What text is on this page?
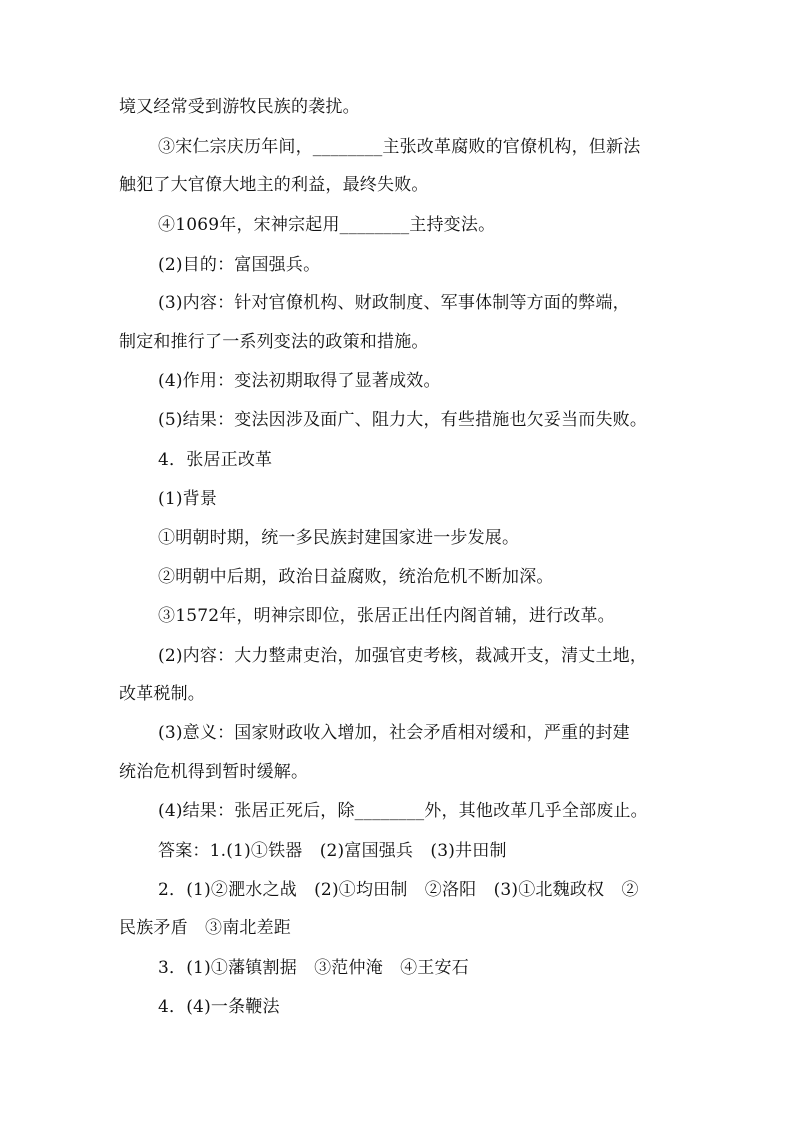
境又经常受到游牧民族的袭扰。
③宋仁宗庆历年间，________主张改革腐败的官僚机构，但新法
触犯了大官僚大地主的利益，最终失败。
④1069年，宋神宗起用________主持变法。
(2)目的：富国强兵。
(3)内容：针对官僚机构、财政制度、军事体制等方面的弊端，
制定和推行了一系列变法的政策和措施。
(4)作用：变法初期取得了显著成效。
(5)结果：变法因涉及面广、阻力大，有些措施也欠妥当而失败。
4．张居正改革
(1)背景
①明朝时期，统一多民族封建国家进一步发展。
②明朝中后期，政治日益腐败，统治危机不断加深。
③1572年，明神宗即位，张居正出任内阁首辅，进行改革。
(2)内容：大力整肃吏治，加强官吏考核，裁减开支，清丈土地，
改革税制。
(3)意义：国家财政收入增加，社会矛盾相对缓和，严重的封建
统治危机得到暂时缓解。
(4)结果：张居正死后，除________外，其他改革几乎全部废止。
答案：1.(1)①铁器　(2)富国强兵　(3)井田制
2．(1)②淝水之战　(2)①均田制　②洛阳　(3)①北魏政权　②
民族矛盾　③南北差距
3．(1)①藩镇割据　③范仲淹　④王安石
4．(4)一条鞭法
